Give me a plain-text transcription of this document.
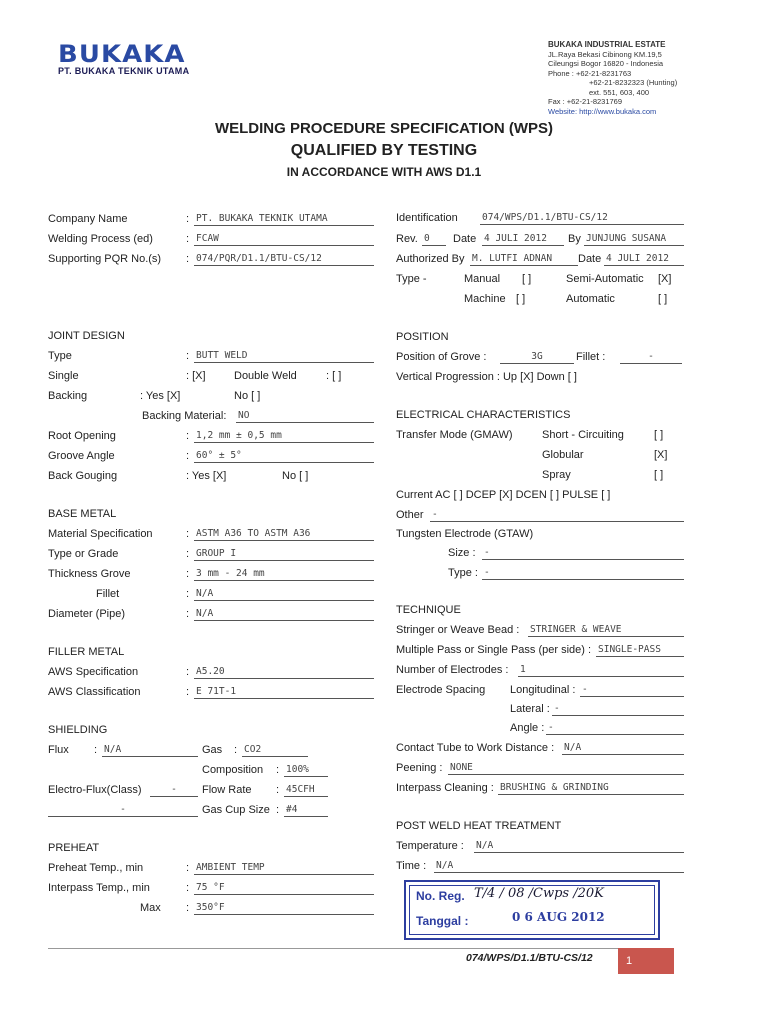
BUKAKA
PT. BUKAKA TEKNIK UTAMA
BUKAKA INDUSTRIAL ESTATE
JL.Raya Bekasi Cibinong KM.19,5
Cileungsi Bogor 16820 - Indonesia
Phone : +62-21-8231763
+62-21-8232323 (Hunting)
ext. 551, 603, 400
Fax : +62-21-8231769
Website: http://www.bukaka.com
WELDING PROCEDURE SPECIFICATION (WPS)
QUALIFIED BY TESTING
IN ACCORDANCE WITH AWS D1.1
Company Name	: PT. BUKAKA TEKNIK UTAMA
Welding Process (ed)	: FCAW
Supporting PQR No.(s) : 074/PQR/D1.1/BTU-CS/12
JOINT DESIGN
Type	: BUTT WELD
Single	: [X]	Double Weld	: [ ]
Backing	: Yes [X]	No [ ]
Backing Material: NO
Root Opening	: 1,2 mm ± 0,5 mm
Groove Angle	: 60° ± 5°
Back Gouging	: Yes [X]	No [ ]
BASE METAL
Material Specification	: ASTM A36 TO ASTM A36
Type or Grade	: GROUP I
Thickness Grove	: 3 mm - 24 mm
Fillet	: N/A
Diameter (Pipe)	: N/A
FILLER METAL
AWS Specification	: A5.20
AWS Classification	: E 71T-1
SHIELDING
Flux : N/A	Gas : CO2
Composition : 100%
Electro-Flux(Class)	-	Flow Rate : 45CFH
-	Gas Cup Size : #4
PREHEAT
Preheat Temp., min	: AMBIENT TEMP
Interpass Temp., min	: 75 °F
Max : 350°F
Identification	074/WPS/D1.1/BTU-CS/12
Rev. 0	Date 4 JULI 2012	By JUNJUNG SUSANA
Authorized By M. LUTFI ADNAN	Date 4 JULI 2012
Type -	Manual [ ]	Semi-Automatic [X]
Machine [ ]	Automatic	[ ]
POSITION
Position of Grove :	3G	Fillet :	-
Vertical Progression : Up [X] Down [ ]
ELECTRICAL CHARACTERISTICS
Transfer Mode (GMAW)	Short - Circuiting	[ ]
Globular	[X]
Spray	[ ]
Current AC [ ] DCEP [X] DCEN [ ] PULSE [ ]
Other -
Tungsten Electrode (GTAW)
Size : -
Type : -
TECHNIQUE
Stringer or Weave Bead : STRINGER & WEAVE
Multiple Pass or Single Pass (per side) : SINGLE-PASS
Number of Electrodes : 1
Electrode Spacing Longitudinal : -
Lateral : -
Angle : -
Contact Tube to Work Distance : N/A
Peening : NONE
Interpass Cleaning : BRUSHING & GRINDING
POST WELD HEAT TREATMENT
Temperature : N/A
Time : N/A
No. Reg. T/4 / 08 /Cwps /20K
Tanggal :	0 6 AUG 2012
074/WPS/D1.1/BTU-CS/12	1
